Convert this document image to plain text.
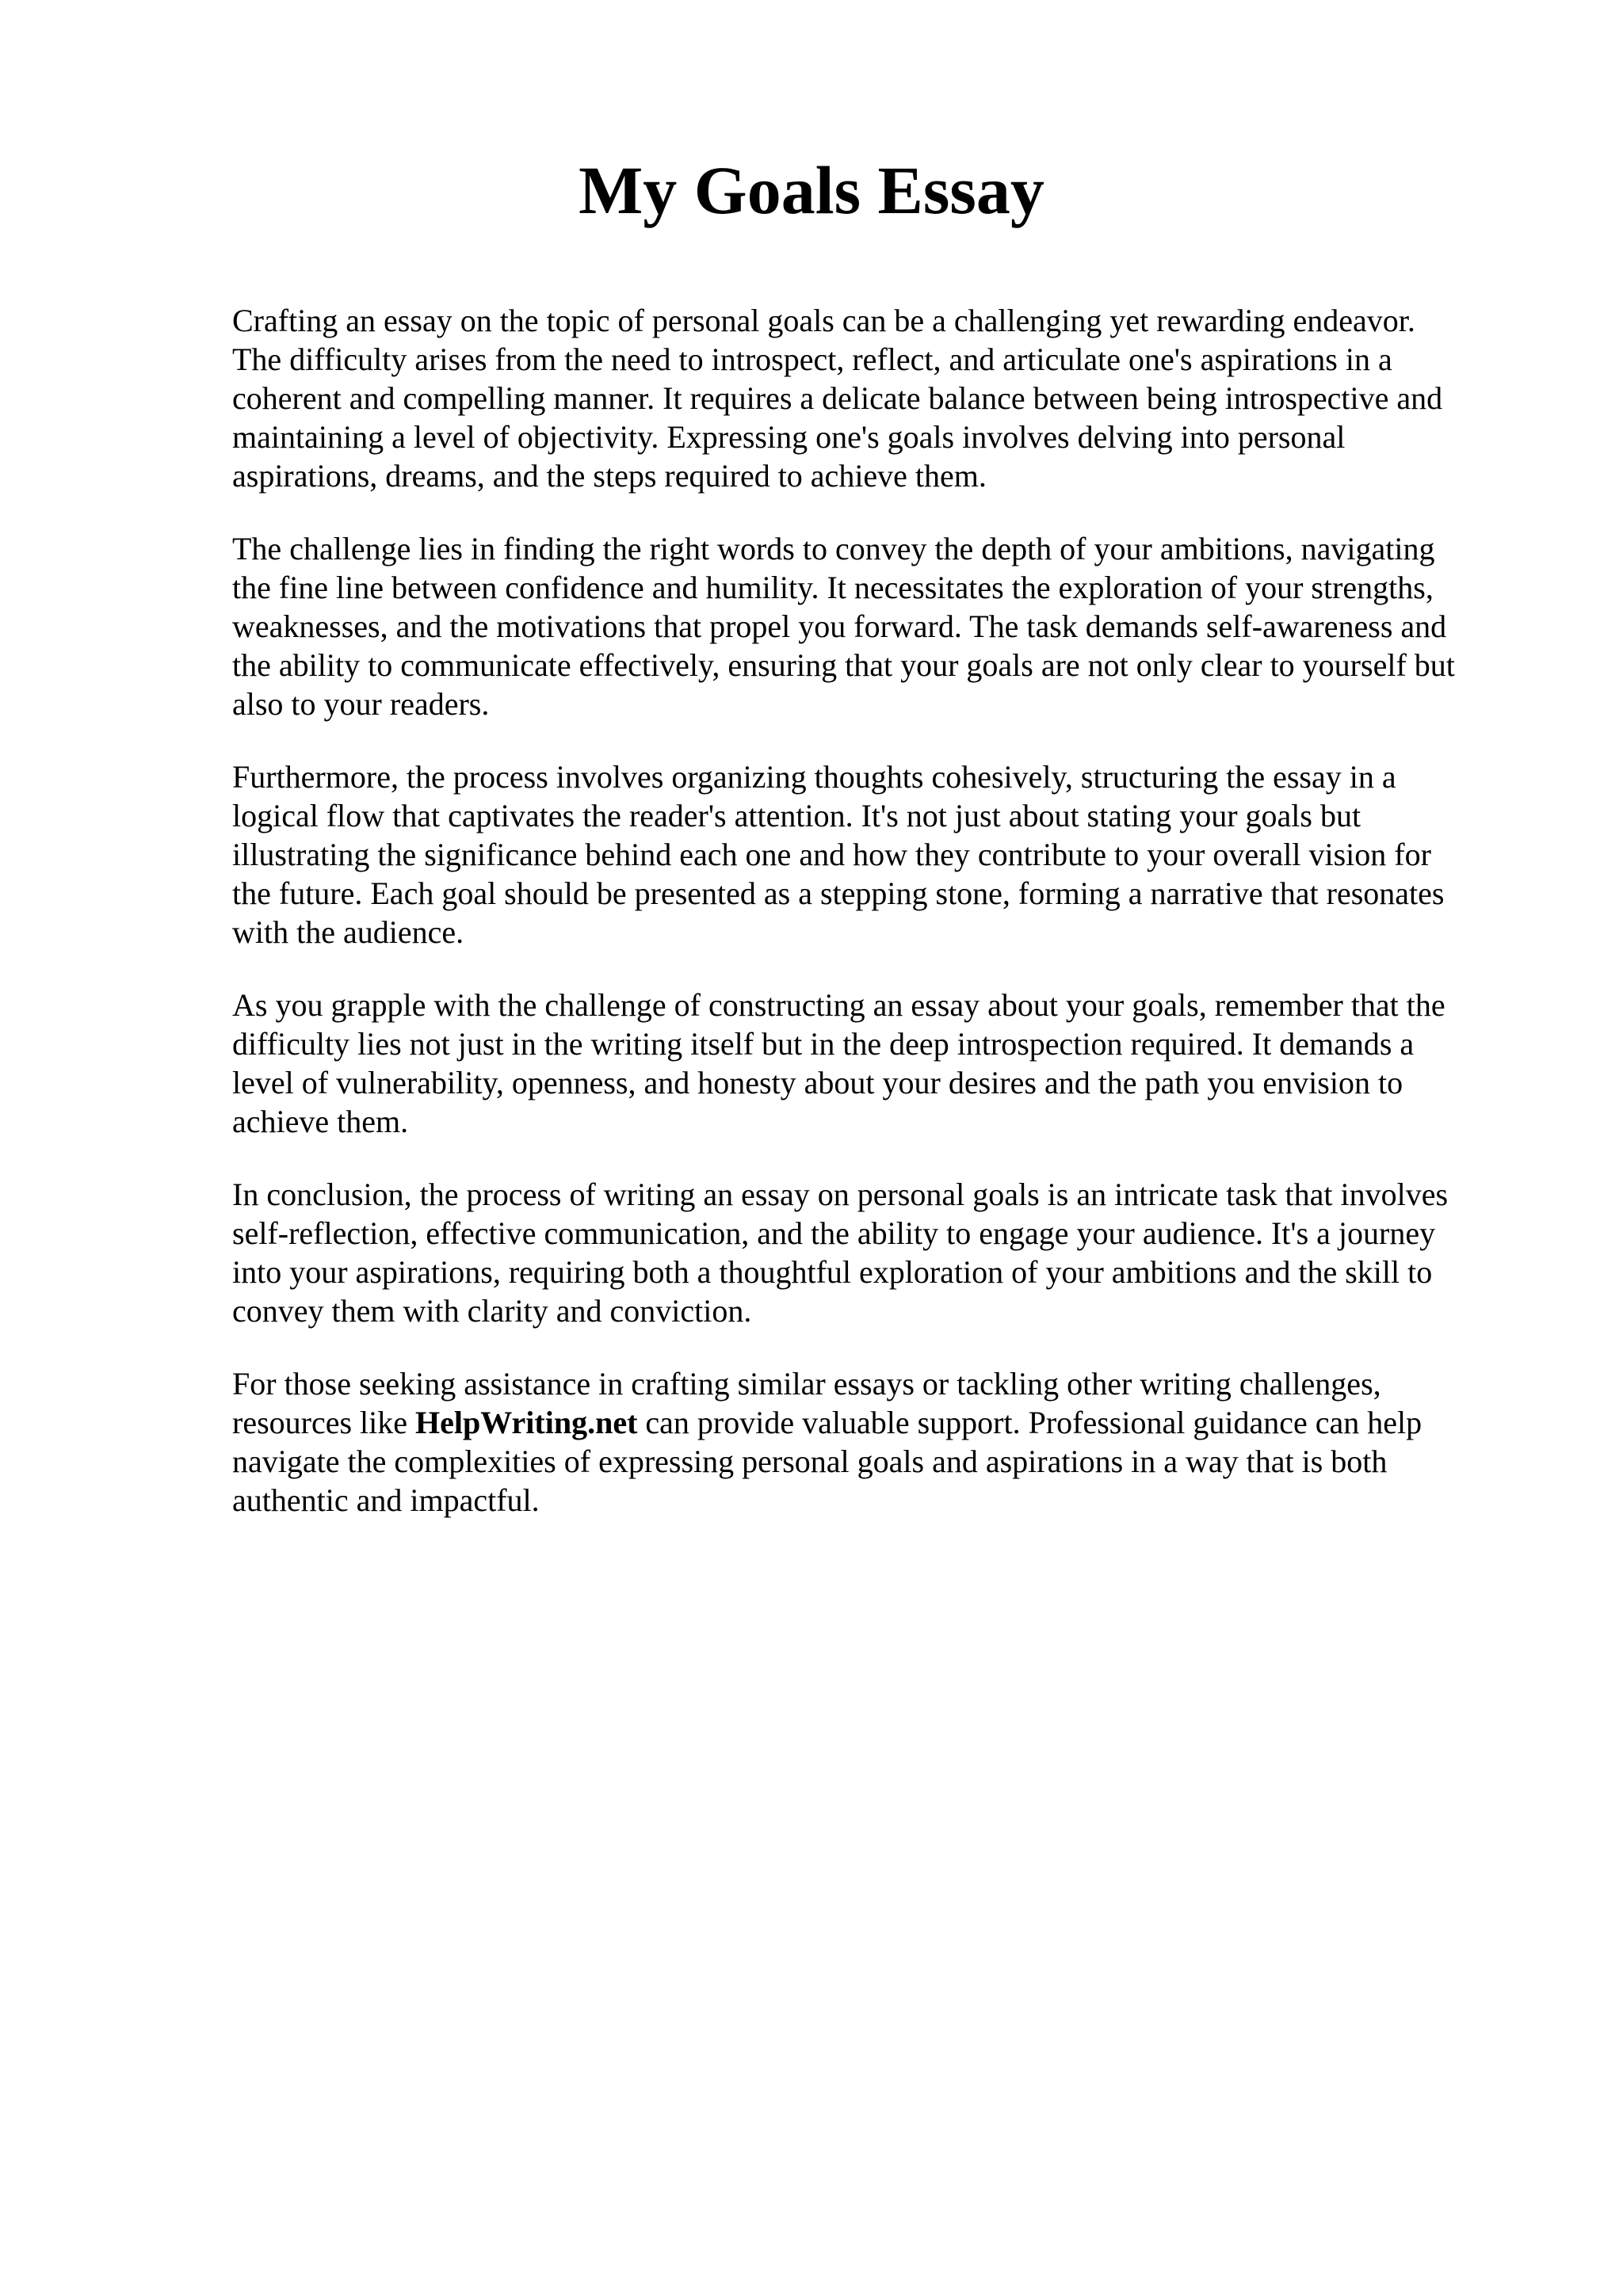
My Goals Essay

Crafting an essay on the topic of personal goals can be a challenging yet rewarding endeavor.
The difficulty arises from the need to introspect, reflect, and articulate one's aspirations in a
coherent and compelling manner. It requires a delicate balance between being introspective and
maintaining a level of objectivity. Expressing one's goals involves delving into personal
aspirations, dreams, and the steps required to achieve them.

The challenge lies in finding the right words to convey the depth of your ambitions, navigating
the fine line between confidence and humility. It necessitates the exploration of your strengths,
weaknesses, and the motivations that propel you forward. The task demands self-awareness and
the ability to communicate effectively, ensuring that your goals are not only clear to yourself but
also to your readers.

Furthermore, the process involves organizing thoughts cohesively, structuring the essay in a
logical flow that captivates the reader's attention. It's not just about stating your goals but
illustrating the significance behind each one and how they contribute to your overall vision for
the future. Each goal should be presented as a stepping stone, forming a narrative that resonates
with the audience.

As you grapple with the challenge of constructing an essay about your goals, remember that the
difficulty lies not just in the writing itself but in the deep introspection required. It demands a
level of vulnerability, openness, and honesty about your desires and the path you envision to
achieve them.

In conclusion, the process of writing an essay on personal goals is an intricate task that involves
self-reflection, effective communication, and the ability to engage your audience. It's a journey
into your aspirations, requiring both a thoughtful exploration of your ambitions and the skill to
convey them with clarity and conviction.

For those seeking assistance in crafting similar essays or tackling other writing challenges,
resources like HelpWriting.net can provide valuable support. Professional guidance can help
navigate the complexities of expressing personal goals and aspirations in a way that is both
authentic and impactful.
